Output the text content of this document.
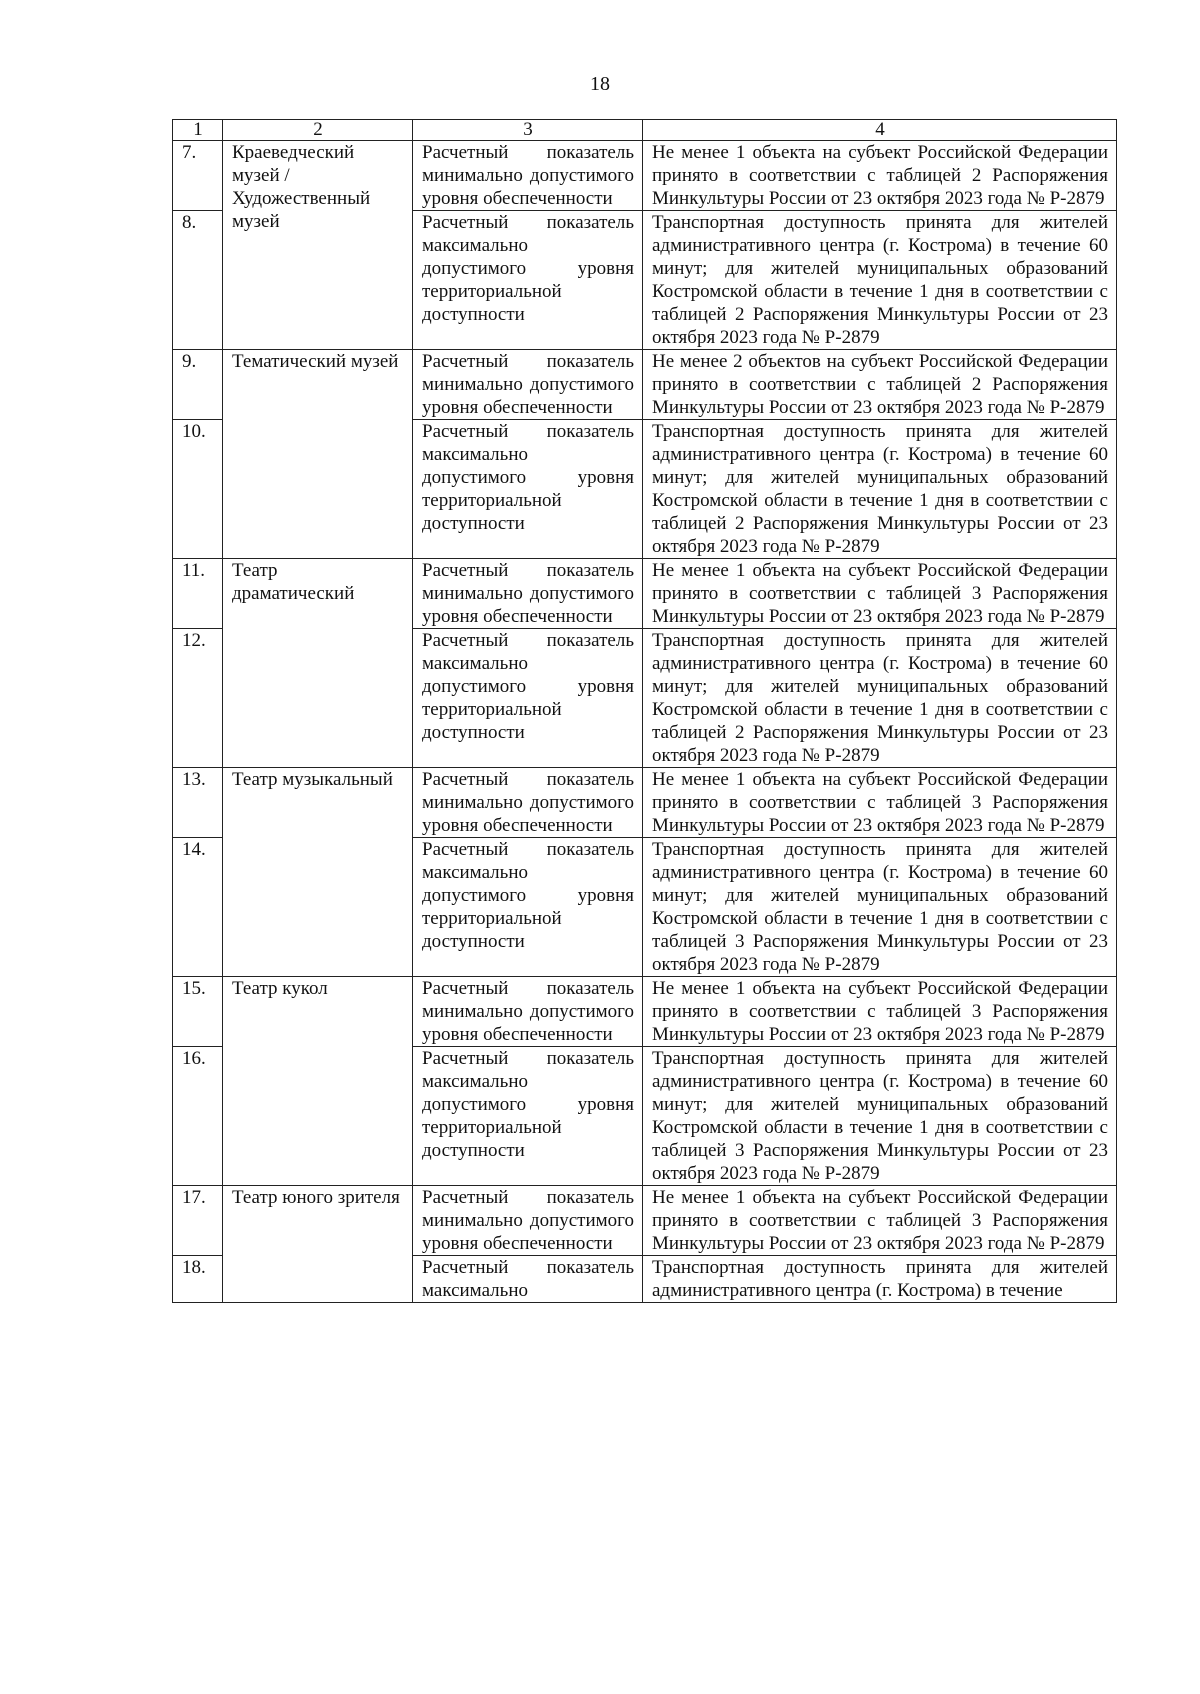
18
1	2	3	4
7.	Краеведческий музей / Художественный музей	Расчетный показатель минимально допустимого уровня обеспеченности	Не менее 1 объекта на субъект Российской Федерации принято в соответствии с таблицей 2 Распоряжения Минкультуры России от 23 октября 2023 года № Р-2879
8.		Расчетный показатель максимально допустимого уровня территориальной доступности	Транспортная доступность принята для жителей административного центра (г. Кострома) в течение 60 минут; для жителей муниципальных образований Костромской области в течение 1 дня в соответствии с таблицей 2 Распоряжения Минкультуры России от 23 октября 2023 года № Р-2879
9.	Тематический музей	Расчетный показатель минимально допустимого уровня обеспеченности	Не менее 2 объектов на субъект Российской Федерации принято в соответствии с таблицей 2 Распоряжения Минкультуры России от 23 октября 2023 года № Р-2879
10.		Расчетный показатель максимально допустимого уровня территориальной доступности	Транспортная доступность принята для жителей административного центра (г. Кострома) в течение 60 минут; для жителей муниципальных образований Костромской области в течение 1 дня в соответствии с таблицей 2 Распоряжения Минкультуры России от 23 октября 2023 года № Р-2879
11.	Театр драматический	Расчетный показатель минимально допустимого уровня обеспеченности	Не менее 1 объекта на субъект Российской Федерации принято в соответствии с таблицей 3 Распоряжения Минкультуры России от 23 октября 2023 года № Р-2879
12.		Расчетный показатель максимально допустимого уровня территориальной доступности	Транспортная доступность принята для жителей административного центра (г. Кострома) в течение 60 минут; для жителей муниципальных образований Костромской области в течение 1 дня в соответствии с таблицей 2 Распоряжения Минкультуры России от 23 октября 2023 года № Р-2879
13.	Театр музыкальный	Расчетный показатель минимально допустимого уровня обеспеченности	Не менее 1 объекта на субъект Российской Федерации принято в соответствии с таблицей 3 Распоряжения Минкультуры России от 23 октября 2023 года № Р-2879
14.		Расчетный показатель максимально допустимого уровня территориальной доступности	Транспортная доступность принята для жителей административного центра (г. Кострома) в течение 60 минут; для жителей муниципальных образований Костромской области в течение 1 дня в соответствии с таблицей 3 Распоряжения Минкультуры России от 23 октября 2023 года № Р-2879
15.	Театр кукол	Расчетный показатель минимально допустимого уровня обеспеченности	Не менее 1 объекта на субъект Российской Федерации принято в соответствии с таблицей 3 Распоряжения Минкультуры России от 23 октября 2023 года № Р-2879
16.		Расчетный показатель максимально допустимого уровня территориальной доступности	Транспортная доступность принята для жителей административного центра (г. Кострома) в течение 60 минут; для жителей муниципальных образований Костромской области в течение 1 дня в соответствии с таблицей 3 Распоряжения Минкультуры России от 23 октября 2023 года № Р-2879
17.	Театр юного зрителя	Расчетный показатель минимально допустимого уровня обеспеченности	Не менее 1 объекта на субъект Российской Федерации принято в соответствии с таблицей 3 Распоряжения Минкультуры России от 23 октября 2023 года № Р-2879
18.		Расчетный показатель максимально	Транспортная доступность принята для жителей административного центра (г. Кострома) в течение
